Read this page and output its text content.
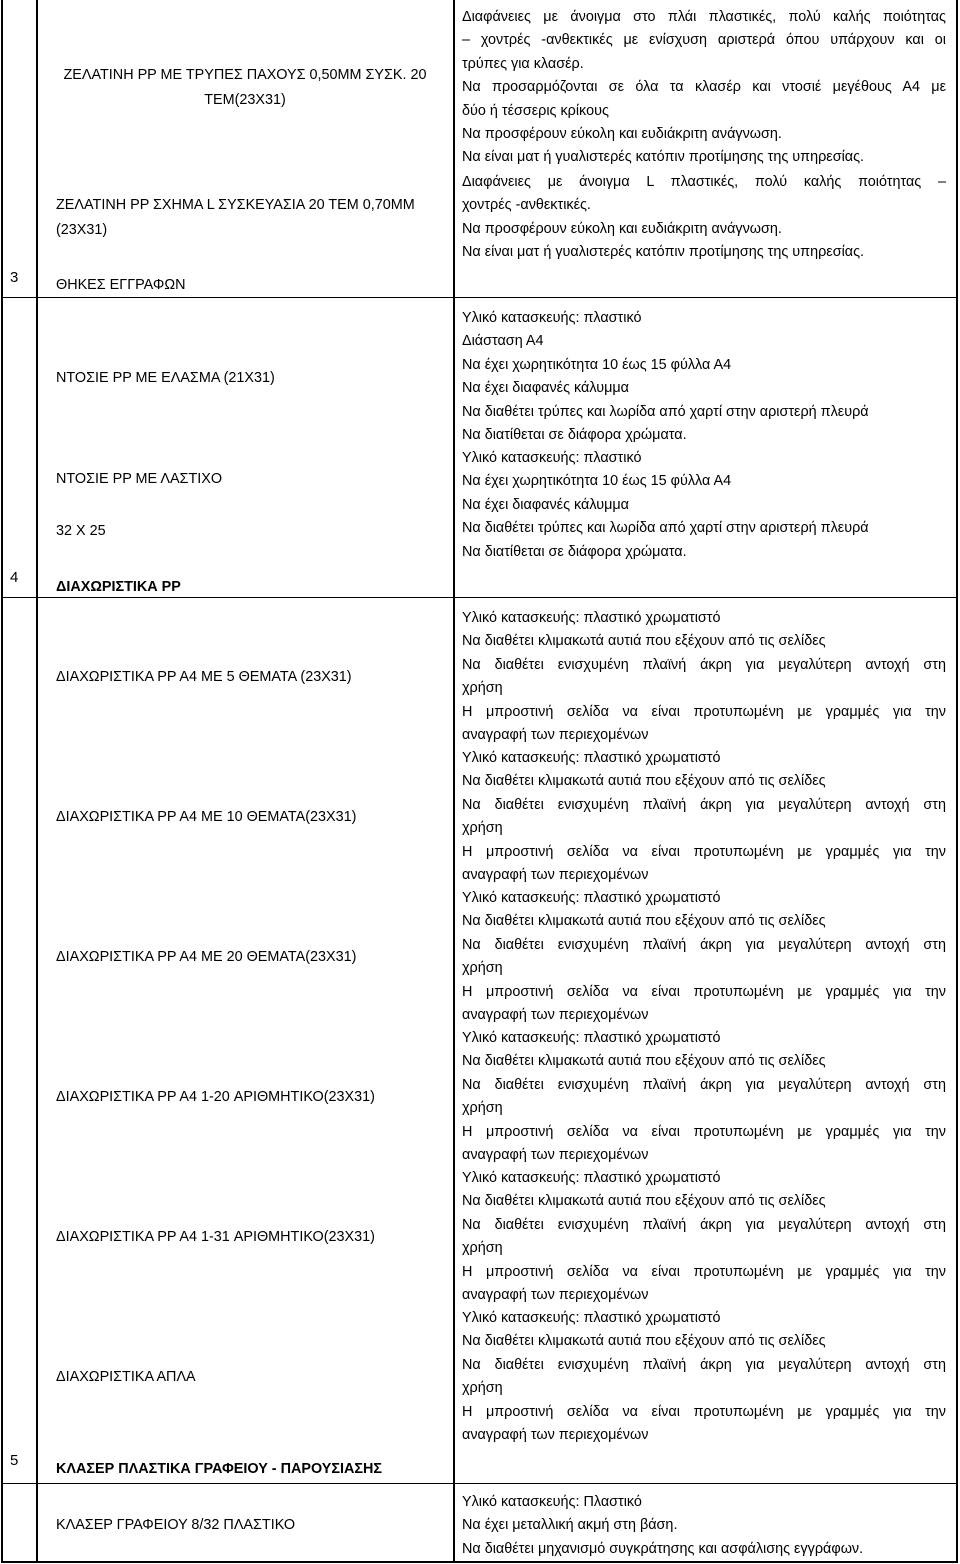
3
4
5
ΖΕΛΑΤΙΝΗ PP ΜΕ ΤΡΥΠΕΣ ΠΑΧΟΥΣ 0,50ΜΜ ΣΥΣΚ. 20
ΤΕΜ(23Χ31)
ΖΕΛΑΤΙΝΗ PP ΣΧΗΜΑ L ΣΥΣΚΕΥΑΣΙΑ 20 ΤΕΜ 0,70ΜΜ
(23Χ31)
ΘΗΚΕΣ ΕΓΓΡΑΦΩΝ
ΝΤΟΣΙΕ PP ΜΕ ΕΛΑΣΜΑ (21Χ31)
ΝΤΟΣΙΕ PP ΜΕ ΛΑΣΤΙΧΟ
32 Χ 25
ΔΙΑΧΩΡΙΣΤΙΚΑ PP
ΔΙΑΧΩΡΙΣΤΙΚΑ PP A4 ΜΕ 5 ΘΕΜΑΤΑ (23Χ31)
ΔΙΑΧΩΡΙΣΤΙΚΑ PP A4 ΜΕ 10 ΘΕΜΑΤΑ(23Χ31)
ΔΙΑΧΩΡΙΣΤΙΚΑ PP A4 ΜΕ 20 ΘΕΜΑΤΑ(23Χ31)
ΔΙΑΧΩΡΙΣΤΙΚΑ PP A4 1-20 ΑΡΙΘΜΗΤΙΚΟ(23Χ31)
ΔΙΑΧΩΡΙΣΤΙΚΑ PP A4 1-31 ΑΡΙΘΜΗΤΙΚΟ(23Χ31)
ΔΙΑΧΩΡΙΣΤΙΚΑ ΑΠΛΑ
ΚΛΑΣΕΡ ΠΛΑΣΤΙΚΑ ΓΡΑΦΕΙΟΥ - ΠΑΡΟΥΣΙΑΣΗΣ
ΚΛΑΣΕΡ ΓΡΑΦΕΙΟΥ 8/32 ΠΛΑΣΤΙΚΟ
Διαφάνειες με άνοιγμα στο πλάι πλαστικές, πολύ καλής ποιότητας
– χοντρές -ανθεκτικές με ενίσχυση αριστερά όπου υπάρχουν και οι
τρύπες για κλασέρ.
Να προσαρμόζονται σε όλα τα κλασέρ και ντοσιέ μεγέθους Α4 με
δύο ή τέσσερις κρίκους
Να προσφέρουν εύκολη και ευδιάκριτη ανάγνωση.
Να είναι ματ ή γυαλιστερές κατόπιν προτίμησης της υπηρεσίας.
Διαφάνειες με άνοιγμα L πλαστικές, πολύ καλής ποιότητας –
χοντρές -ανθεκτικές.
Να προσφέρουν εύκολη και ευδιάκριτη ανάγνωση.
Να είναι ματ ή γυαλιστερές κατόπιν προτίμησης της υπηρεσίας.
Υλικό κατασκευής: πλαστικό
Διάσταση Α4
Να έχει χωρητικότητα 10 έως 15 φύλλα Α4
Να έχει διαφανές κάλυμμα
Να διαθέτει τρύπες και λωρίδα από χαρτί στην αριστερή πλευρά
Να διατίθεται σε διάφορα χρώματα.
Υλικό κατασκευής: πλαστικό
Να έχει χωρητικότητα 10 έως 15 φύλλα Α4
Να έχει διαφανές κάλυμμα
Να διαθέτει τρύπες και λωρίδα από χαρτί στην αριστερή πλευρά
Να διατίθεται σε διάφορα χρώματα.
Υλικό κατασκευής: πλαστικό χρωματιστό
Να διαθέτει κλιμακωτά αυτιά που εξέχουν από τις σελίδες
Να διαθέτει ενισχυμένη πλαϊνή άκρη για μεγαλύτερη αντοχή στη
χρήση
Η μπροστινή σελίδα να είναι προτυπωμένη με γραμμές για την
αναγραφή των περιεχομένων
Υλικό κατασκευής: πλαστικό χρωματιστό
Να διαθέτει κλιμακωτά αυτιά που εξέχουν από τις σελίδες
Να διαθέτει ενισχυμένη πλαϊνή άκρη για μεγαλύτερη αντοχή στη
χρήση
Η μπροστινή σελίδα να είναι προτυπωμένη με γραμμές για την
αναγραφή των περιεχομένων
Υλικό κατασκευής: πλαστικό χρωματιστό
Να διαθέτει κλιμακωτά αυτιά που εξέχουν από τις σελίδες
Να διαθέτει ενισχυμένη πλαϊνή άκρη για μεγαλύτερη αντοχή στη
χρήση
Η μπροστινή σελίδα να είναι προτυπωμένη με γραμμές για την
αναγραφή των περιεχομένων
Υλικό κατασκευής: πλαστικό χρωματιστό
Να διαθέτει κλιμακωτά αυτιά που εξέχουν από τις σελίδες
Να διαθέτει ενισχυμένη πλαϊνή άκρη για μεγαλύτερη αντοχή στη
χρήση
Η μπροστινή σελίδα να είναι προτυπωμένη με γραμμές για την
αναγραφή των περιεχομένων
Υλικό κατασκευής: πλαστικό χρωματιστό
Να διαθέτει κλιμακωτά αυτιά που εξέχουν από τις σελίδες
Να διαθέτει ενισχυμένη πλαϊνή άκρη για μεγαλύτερη αντοχή στη
χρήση
Η μπροστινή σελίδα να είναι προτυπωμένη με γραμμές για την
αναγραφή των περιεχομένων
Υλικό κατασκευής: πλαστικό χρωματιστό
Να διαθέτει κλιμακωτά αυτιά που εξέχουν από τις σελίδες
Να διαθέτει ενισχυμένη πλαϊνή άκρη για μεγαλύτερη αντοχή στη
χρήση
Η μπροστινή σελίδα να είναι προτυπωμένη με γραμμές για την
αναγραφή των περιεχομένων
Υλικό κατασκευής: Πλαστικό
Να έχει μεταλλική ακμή στη βάση.
Να διαθέτει μηχανισμό συγκράτησης και ασφάλισης εγγράφων.
